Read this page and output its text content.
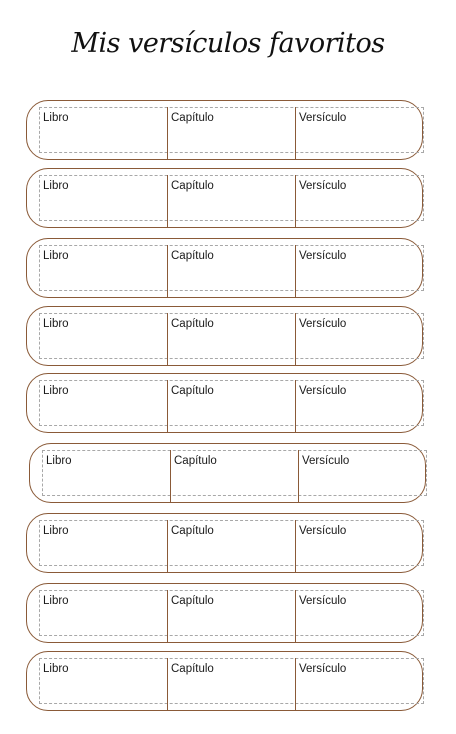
Mis versículos favoritos
Libro	Capítulo	Versículo
Libro	Capítulo	Versículo
Libro	Capítulo	Versículo
Libro	Capítulo	Versículo
Libro	Capítulo	Versículo
Libro	Capítulo	Versículo
Libro	Capítulo	Versículo
Libro	Capítulo	Versículo
Libro	Capítulo	Versículo
